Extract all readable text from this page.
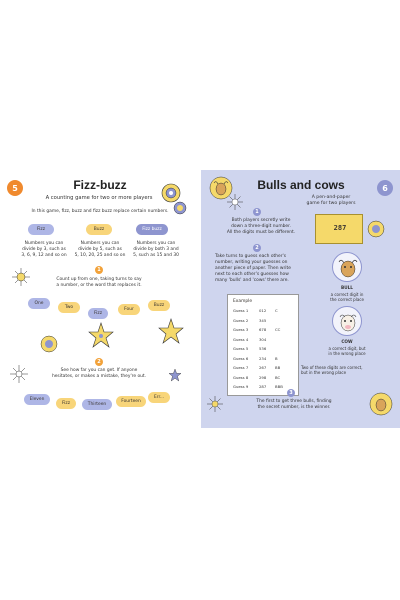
5	Fizz-buzz
A counting game for two or more players
In this game, fizz, buzz and fizz buzz replace certain numbers.
Fizz	Buzz	Fizz buzz
Numbers you can
divide by 3, such as
3, 6, 9, 12 and so on
Numbers you can
divide by 5, such as
5, 10, 20, 25 and so on
Numbers you can
divide by both 3 and
5, such as 15 and 30
1
Count up from one, taking turns to say
a number, or the word that replaces it.
One
Two
Fizz
Four
Buzz
2
See how far you can get. If anyone
hesitates, or makes a mistake, they're out.
Eleven
Fizz	Thirteen
Fourteen
Err...
6
Bulls and cows
A pen-and-paper
game for two players
1
Both players secretly write
down a three-digit number.
All the digits must be different.
287
2
Take turns to guess each other's
number, writing your guesses on
another piece of paper. Then write
next to each other's guesses how
many 'bulls' and 'cows' there are.
Example
Guess 1	012 C
Guess 2	345
Guess 3	678 CC
Guess 4	304
Guess 5	536
Guess 6	234 B
Guess 7	267 BB
Guess 8	298 BC
Guess 9	287 BBB
BULL
a correct digit in
the correct place
COW
a correct digit, but
in the wrong place
Two of these digits are correct,
but in the wrong place
3
The first to get three bulls, finding
the secret number, is the winner.
